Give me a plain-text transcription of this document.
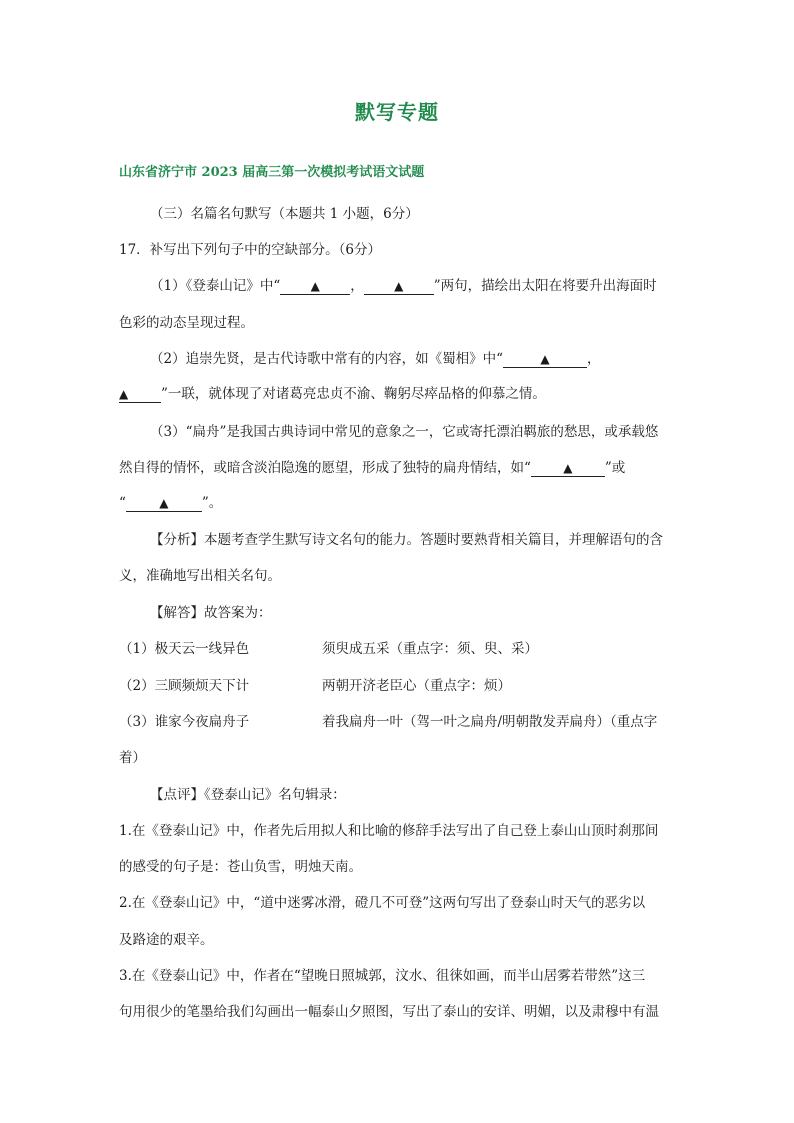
默写专题
山东省济宁市 2023 届高三第一次模拟考试语文试题
（三）名篇名句默写（本题共 1 小题，6分）
17．补写出下列句子中的空缺部分。（6分）
（1）《登泰山记》中“	▲ ，	▲ ”两句，描绘出太阳在将要升出海面时
色彩的动态呈现过程。
（2）追崇先贤，是古代诗歌中常有的内容，如《蜀相》中“	▲	，
▲ ”一联，就体现了对诸葛亮忠贞不渝、鞠躬尽瘁品格的仰慕之情。
（3）“扁舟”是我国古典诗词中常见的意象之一，它或寄托漂泊羁旅的愁思，或承载悠
然自得的情怀，或暗含淡泊隐逸的愿望，形成了独特的扁舟情结，如“	▲ ”或
“	▲ ”。
【分析】本题考查学生默写诗文名句的能力。答题时要熟背相关篇目，并理解语句的含
义，准确地写出相关名句。
【解答】故答案为：
（1）极天云一线异色	须臾成五采（重点字：须、臾、采）
（2）三顾频烦天下计	两朝开济老臣心（重点字：烦）
（3）谁家今夜扁舟子	着我扁舟一叶（驾一叶之扁舟/明朝散发弄扁舟）（重点字
着）
【点评】《登泰山记》名句辑录：
1.在《登泰山记》中，作者先后用拟人和比喻的修辞手法写出了自己登上泰山山顶时刹那间
的感受的句子是：苍山负雪，明烛天南。
2.在《登泰山记》中，“道中迷雾冰滑，磴几不可登”这两句写出了登泰山时天气的恶劣以
及路途的艰辛。
3.在《登泰山记》中，作者在“望晚日照城郭，汶水、徂徕如画，而半山居雾若带然”这三
句用很少的笔墨给我们勾画出一幅泰山夕照图，写出了泰山的安详、明媚，以及肃穆中有温
